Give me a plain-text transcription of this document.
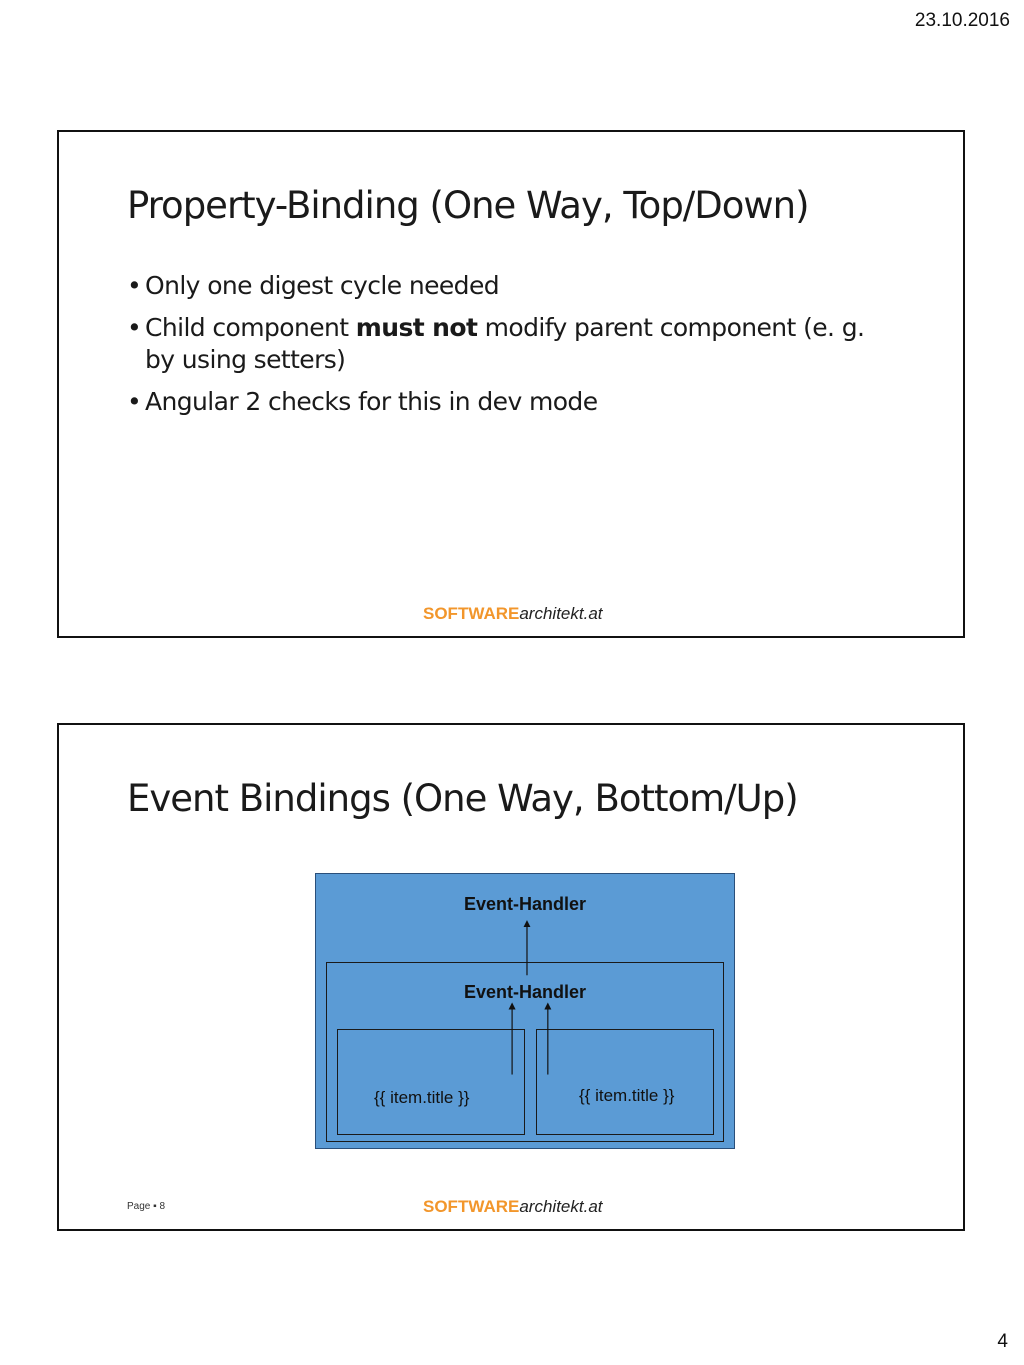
23.10.2016
Property-Binding (One Way, Top/Down)
• Only one digest cycle needed
• Child component must not modify parent component (e. g. by using setters)
• Angular 2 checks for this in dev mode
SOFTWAREarchitekt.at
Event Bindings (One Way, Bottom/Up)
Event-Handler
Event-Handler
{{ item.title }}	{{ item.title }}
Page ▪ 8	SOFTWAREarchitekt.at
4
